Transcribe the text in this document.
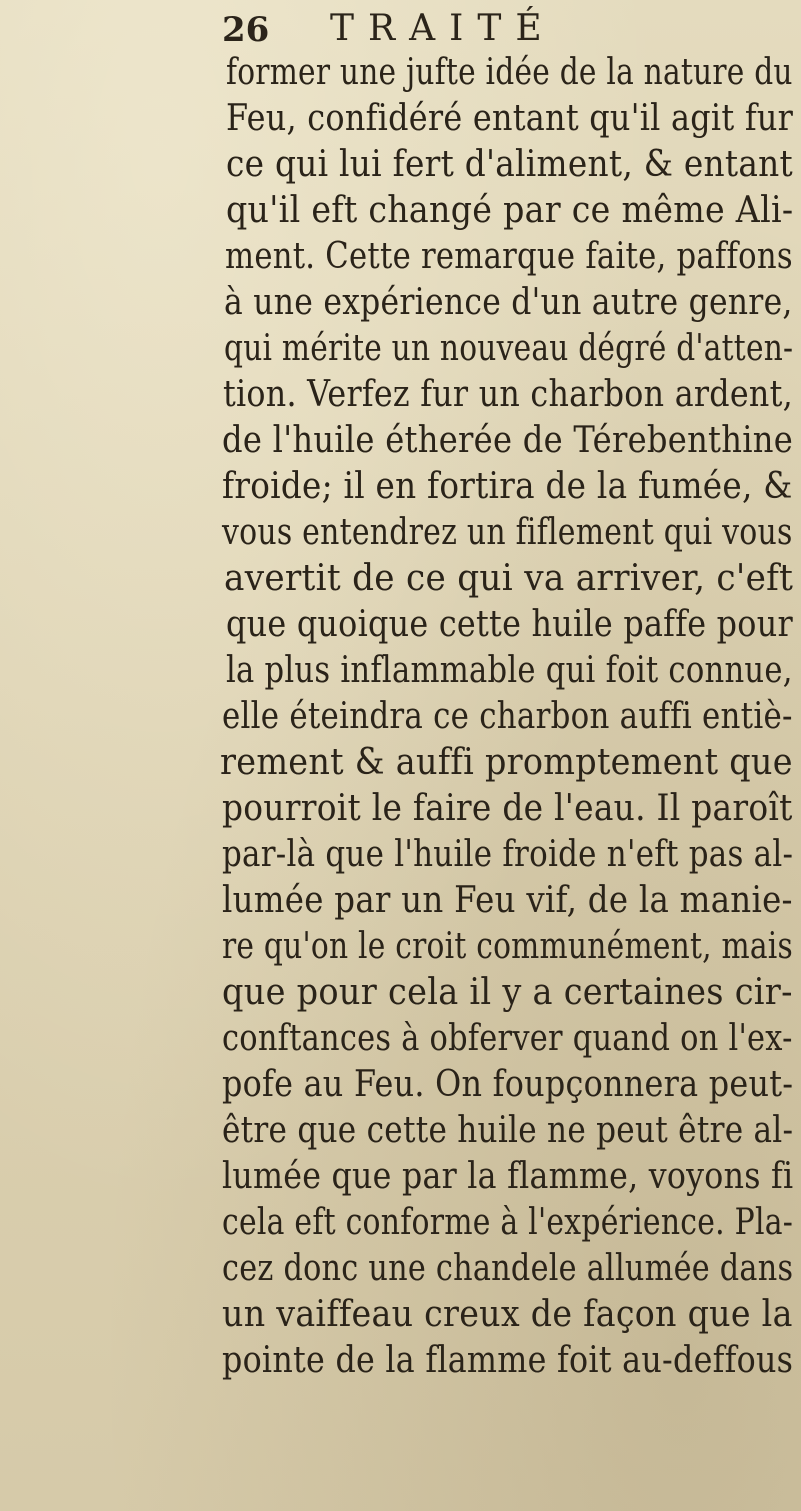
26 TRAITÉ
former une jufte idée de la nature du
Feu, confidéré entant qu'il agit fur
ce qui lui fert d'aliment, & entant
qu'il eft changé par ce même Ali-
ment. Cette remarque faite, paffons
à une expérience d'un autre genre,
qui mérite un nouveau dégré d'atten-
tion. Verfez fur un charbon ardent,
de l'huile étherée de Térebenthine
froide; il en fortira de la fumée, &
vous entendrez un fiflement qui vous
avertit de ce qui va arriver, c'eft
que quoique cette huile paffe pour
la plus inflammable qui foit connue,
elle éteindra ce charbon auffi entiè-
rement & auffi promptement que
pourroit le faire de l'eau. Il paroît
par-là que l'huile froide n'eft pas al-
lumée par un Feu vif, de la manie-
re qu'on le croit communément, mais
que pour cela il y a certaines cir-
conftances à obferver quand on l'ex-
pofe au Feu. On foupçonnera peut-
être que cette huile ne peut être al-
lumée que par la flamme, voyons fi
cela eft conforme à l'expérience. Pla-
cez donc une chandele allumée dans
un vaiffeau creux de façon que la
pointe de la flamme foit au-deffous
